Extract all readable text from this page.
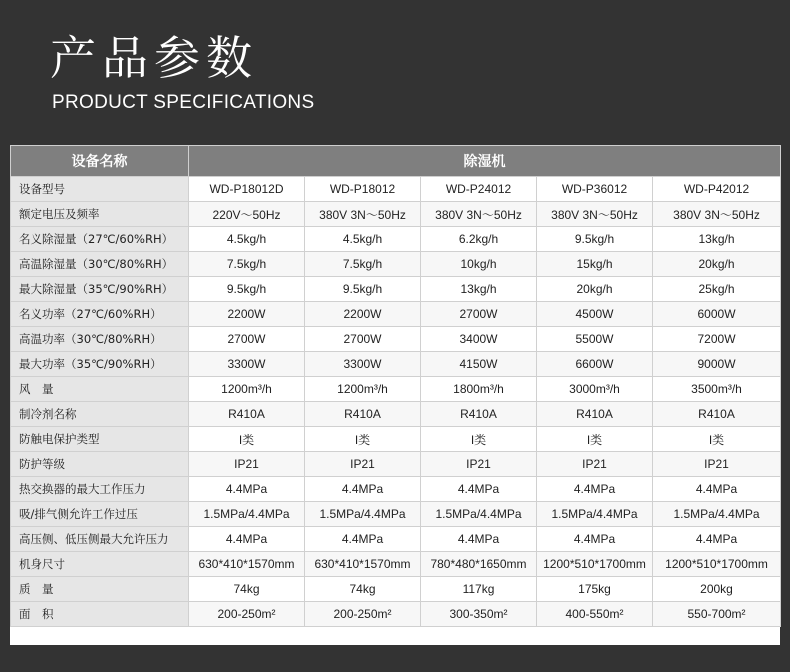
产品参数
PRODUCT SPECIFICATIONS
设备名称	除湿机				
设备型号	WD-P18012D	WD-P18012	WD-P24012	WD-P36012	WD-P42012
额定电压及频率	220V～50Hz	380V 3N～50Hz	380V 3N～50Hz	380V 3N～50Hz	380V 3N～50Hz
名义除湿量（27℃/60%RH）	4.5kg/h	4.5kg/h	6.2kg/h	9.5kg/h	13kg/h
高温除湿量（30℃/80%RH）	7.5kg/h	7.5kg/h	10kg/h	15kg/h	20kg/h
最大除湿量（35℃/90%RH）	9.5kg/h	9.5kg/h	13kg/h	20kg/h	25kg/h
名义功率（27℃/60%RH）	2200W	2200W	2700W	4500W	6000W
高温功率（30℃/80%RH）	2700W	2700W	3400W	5500W	7200W
最大功率（35℃/90%RH）	3300W	3300W	4150W	6600W	9000W
风　量	1200m³/h	1200m³/h	1800m³/h	3000m³/h	3500m³/h
制冷剂名称	R410A	R410A	R410A	R410A	R410A
防触电保护类型	I类	I类	I类	I类	I类
防护等级	IP21	IP21	IP21	IP21	IP21
热交换器的最大工作压力	4.4MPa	4.4MPa	4.4MPa	4.4MPa	4.4MPa
吸/排气侧允许工作过压	1.5MPa/4.4MPa	1.5MPa/4.4MPa	1.5MPa/4.4MPa	1.5MPa/4.4MPa	1.5MPa/4.4MPa
高压侧、低压侧最大允许压力	4.4MPa	4.4MPa	4.4MPa	4.4MPa	4.4MPa
机身尺寸	630*410*1570mm	630*410*1570mm	780*480*1650mm	1200*510*1700mm	1200*510*1700mm
质　量	74kg	74kg	117kg	175kg	200kg
面　积	200-250m²	200-250m²	300-350m²	400-550m²	550-700m²
